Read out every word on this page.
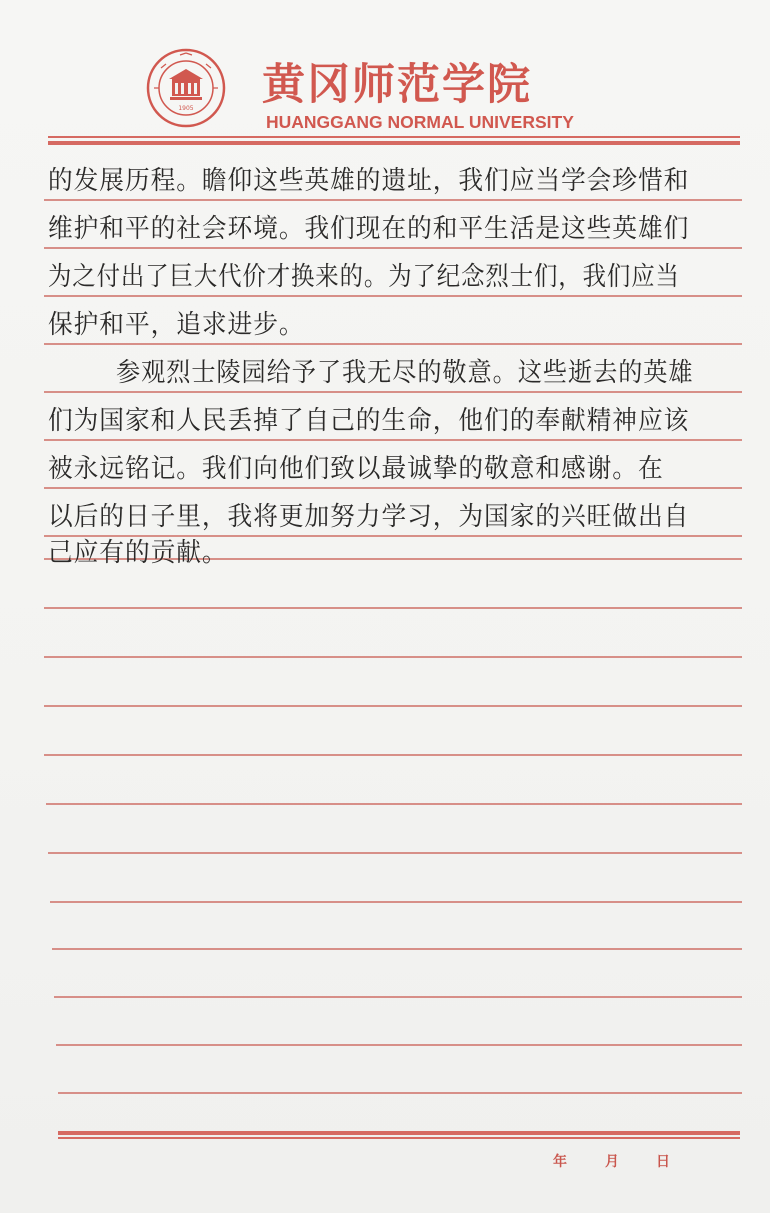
1905 黄冈师范学院
HUANGGANG NORMAL UNIVERSITY
的发展历程。瞻仰这些英雄的遗址，我们应当学会珍惜和
维护和平的社会环境。我们现在的和平生活是这些英雄们
为之付出了巨大代价才换来的。为了纪念烈士们，我们应当
保护和平，追求进步。
参观烈士陵园给予了我无尽的敬意。这些逝去的英雄
们为国家和人民丢掉了自己的生命，他们的奉献精神应该
被永远铭记。我们向他们致以最诚挚的敬意和感谢。在
以后的日子里，我将更加努力学习，为国家的兴旺做出自
己应有的贡献。
年	月	日
